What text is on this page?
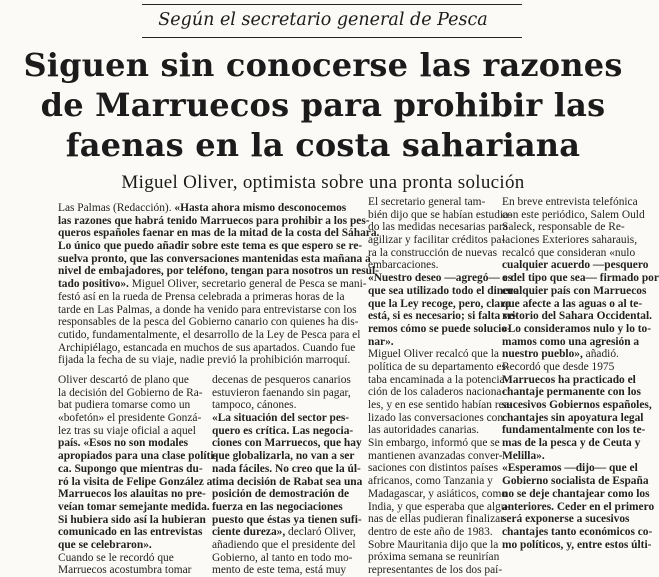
Según el secretario general de Pesca
Siguen sin conocerse las razones
de Marruecos para prohibir las
faenas en la costa sahariana
Miguel Oliver, optimista sobre una pronta solución
Las Palmas (Redacción). «Hasta ahora mismo desconocemos
las razones que habrá tenido Marruecos para prohibir a los pes-
queros españoles faenar en mas de la mitad de la costa del Sáhara.
Lo único que puedo añadir sobre este tema es que espero se re-
suelva pronto, que las conversaciones mantenidas esta mañana a
nivel de embajadores, por teléfono, tengan para nosotros un resul-
tado positivo». Miguel Oliver, secretario general de Pesca se mani-
festó así en la rueda de Prensa celebrada a primeras horas de la
tarde en Las Palmas, a donde ha venido para entrevistarse con los
responsables de la pesca del Gobierno canario con quienes ha dis-
cutido, fundamentalmente, el desarrollo de la Ley de Pesca para el
Archipiélago, estancada en muchos de sus apartados. Cuando fue
fijada la fecha de su viaje, nadie previó la prohibición marroquí.
Oliver descartó de plano que
la decisión del Gobierno de Ra-
bat pudiera tomarse como un
«bofetón» el presidente Gonzá-
lez tras su viaje oficial a aquel
país. «Esos no son modales
apropiados para una clase políti-
ca. Supongo que mientras du-
ró la visita de Felipe González a
Marruecos los alauitas no pre-
veían tomar semejante medida.
Si hubiera sido así la hubieran
comunicado en las entrevistas
que se celebraron».
Cuando se le recordó que
Marruecos acostumbra tomar
decenas de pesqueros canarios
estuvieron faenando sin pagar,
tampoco, cánones.
«La situación del sector pes-
quero es crítica. Las negocia-
ciones con Marruecos, que hay
que globalizarla, no van a ser
nada fáciles. No creo que la úl-
tima decisión de Rabat sea una
posición de demostración de
fuerza en las negociaciones
puesto que éstas ya tienen sufi-
ciente dureza», declaró Oliver,
añadiendo que el presidente del
Gobierno, al tanto en todo mo-
mento de este tema, está muy
El secretario general tam-
bién dijo que se habían estudia-
do las medidas necesarias para
agilizar y facilitar créditos pa-
ra la construcción de nuevas
embarcaciones.
«Nuestro deseo —agregó— es
que sea utilizado todo el dinero
que la Ley recoge, pero, claro
está, si es necesario; si falta ve-
remos cómo se puede solucio-
nar».
Miguel Oliver recalcó que la
política de su departamento es-
taba encaminada a la potencia-
ción de los caladeros naciona-
les, y en ese sentido habían rea-
lizado las conversaciones con
las autoridades canarias.
Sin embargo, informó que se
mantienen avanzadas conver-
saciones con distintos países
africanos, como Tanzania y
Madagascar, y asiáticos, como
India, y que esperaba que algu-
nas de ellas pudieran finalizar
dentro de este año de 1983.
Sobre Mauritania dijo que la
próxima semana se reunirían
representantes de los dos paí-
En breve entrevista telefónica
con este periódico, Salem Ould
Saleck, responsable de Re-
laciones Exteriores saharauis,
recalcó que consideran «nulo
cualquier acuerdo —pesquero
o del tipo que sea— firmado por
cualquier país con Marruecos
que afecte a las aguas o al te-
rritorio del Sahara Occidental.
«Lo consideramos nulo y lo to-
mamos como una agresión a
nuestro pueblo», añadió.
Recordó que desde 1975
Marruecos ha practicado el
chantaje permanente con los
sucesivos Gobiernos españoles,
chantajes sin apoyatura legal
fundamentalmente con los te-
mas de la pesca y de Ceuta y
Melilla».
«Esperamos —dijo— que el
Gobierno socialista de España
no se deje chantajear como los
anteriores. Ceder en el primero
será exponerse a sucesivos
chantajes tanto económicos co-
mo políticos, y, entre estos últi-
